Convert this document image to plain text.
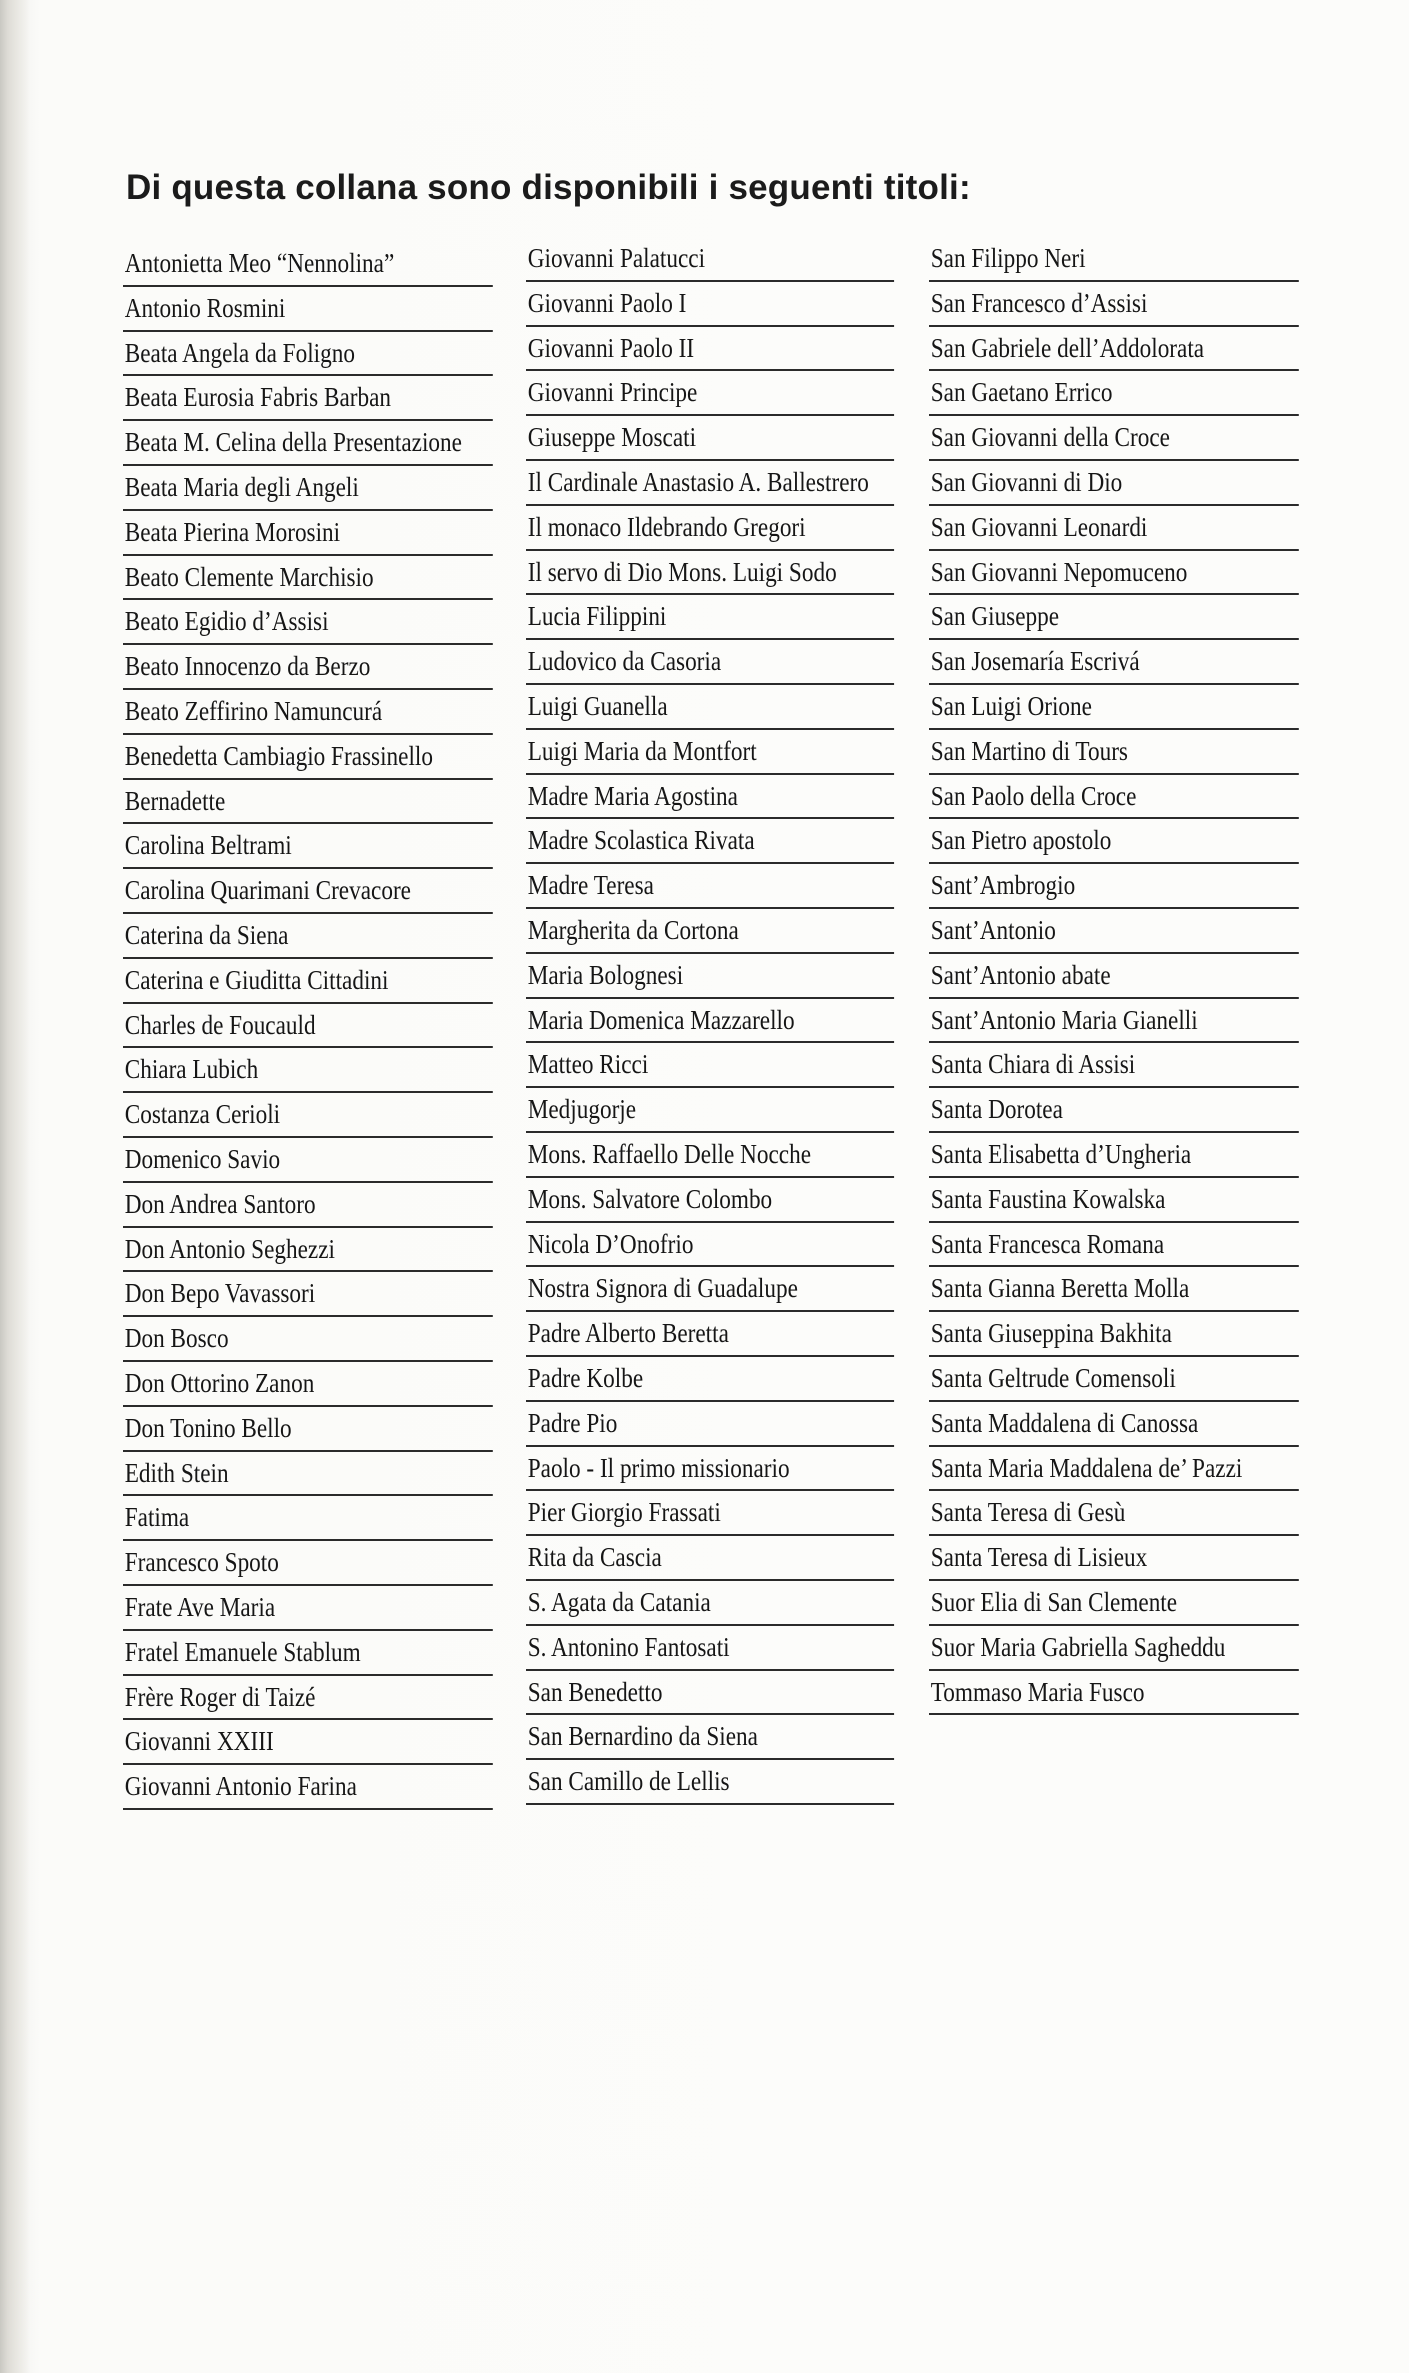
Di questa collana sono disponibili i seguenti titoli:
Antonietta Meo “Nennolina”
Antonio Rosmini
Beata Angela da Foligno
Beata Eurosia Fabris Barban
Beata M. Celina della Presentazione
Beata Maria degli Angeli
Beata Pierina Morosini
Beato Clemente Marchisio
Beato Egidio d’Assisi
Beato Innocenzo da Berzo
Beato Zeffirino Namuncurá
Benedetta Cambiagio Frassinello
Bernadette
Carolina Beltrami
Carolina Quarimani Crevacore
Caterina da Siena
Caterina e Giuditta Cittadini
Charles de Foucauld
Chiara Lubich
Costanza Cerioli
Domenico Savio
Don Andrea Santoro
Don Antonio Seghezzi
Don Bepo Vavassori
Don Bosco
Don Ottorino Zanon
Don Tonino Bello
Edith Stein
Fatima
Francesco Spoto
Frate Ave Maria
Fratel Emanuele Stablum
Frère Roger di Taizé
Giovanni XXIII
Giovanni Antonio Farina
Giovanni Palatucci
Giovanni Paolo I
Giovanni Paolo II
Giovanni Principe
Giuseppe Moscati
Il Cardinale Anastasio A. Ballestrero
Il monaco Ildebrando Gregori
Il servo di Dio Mons. Luigi Sodo
Lucia Filippini
Ludovico da Casoria
Luigi Guanella
Luigi Maria da Montfort
Madre Maria Agostina
Madre Scolastica Rivata
Madre Teresa
Margherita da Cortona
Maria Bolognesi
Maria Domenica Mazzarello
Matteo Ricci
Medjugorje
Mons. Raffaello Delle Nocche
Mons. Salvatore Colombo
Nicola D’Onofrio
Nostra Signora di Guadalupe
Padre Alberto Beretta
Padre Kolbe
Padre Pio
Paolo - Il primo missionario
Pier Giorgio Frassati
Rita da Cascia
S. Agata da Catania
S. Antonino Fantosati
San Benedetto
San Bernardino da Siena
San Camillo de Lellis
San Filippo Neri
San Francesco d’Assisi
San Gabriele dell’Addolorata
San Gaetano Errico
San Giovanni della Croce
San Giovanni di Dio
San Giovanni Leonardi
San Giovanni Nepomuceno
San Giuseppe
San Josemaría Escrivá
San Luigi Orione
San Martino di Tours
San Paolo della Croce
San Pietro apostolo
Sant’Ambrogio
Sant’Antonio
Sant’Antonio abate
Sant’Antonio Maria Gianelli
Santa Chiara di Assisi
Santa Dorotea
Santa Elisabetta d’Ungheria
Santa Faustina Kowalska
Santa Francesca Romana
Santa Gianna Beretta Molla
Santa Giuseppina Bakhita
Santa Geltrude Comensoli
Santa Maddalena di Canossa
Santa Maria Maddalena de’ Pazzi
Santa Teresa di Gesù
Santa Teresa di Lisieux
Suor Elia di San Clemente
Suor Maria Gabriella Sagheddu
Tommaso Maria Fusco
